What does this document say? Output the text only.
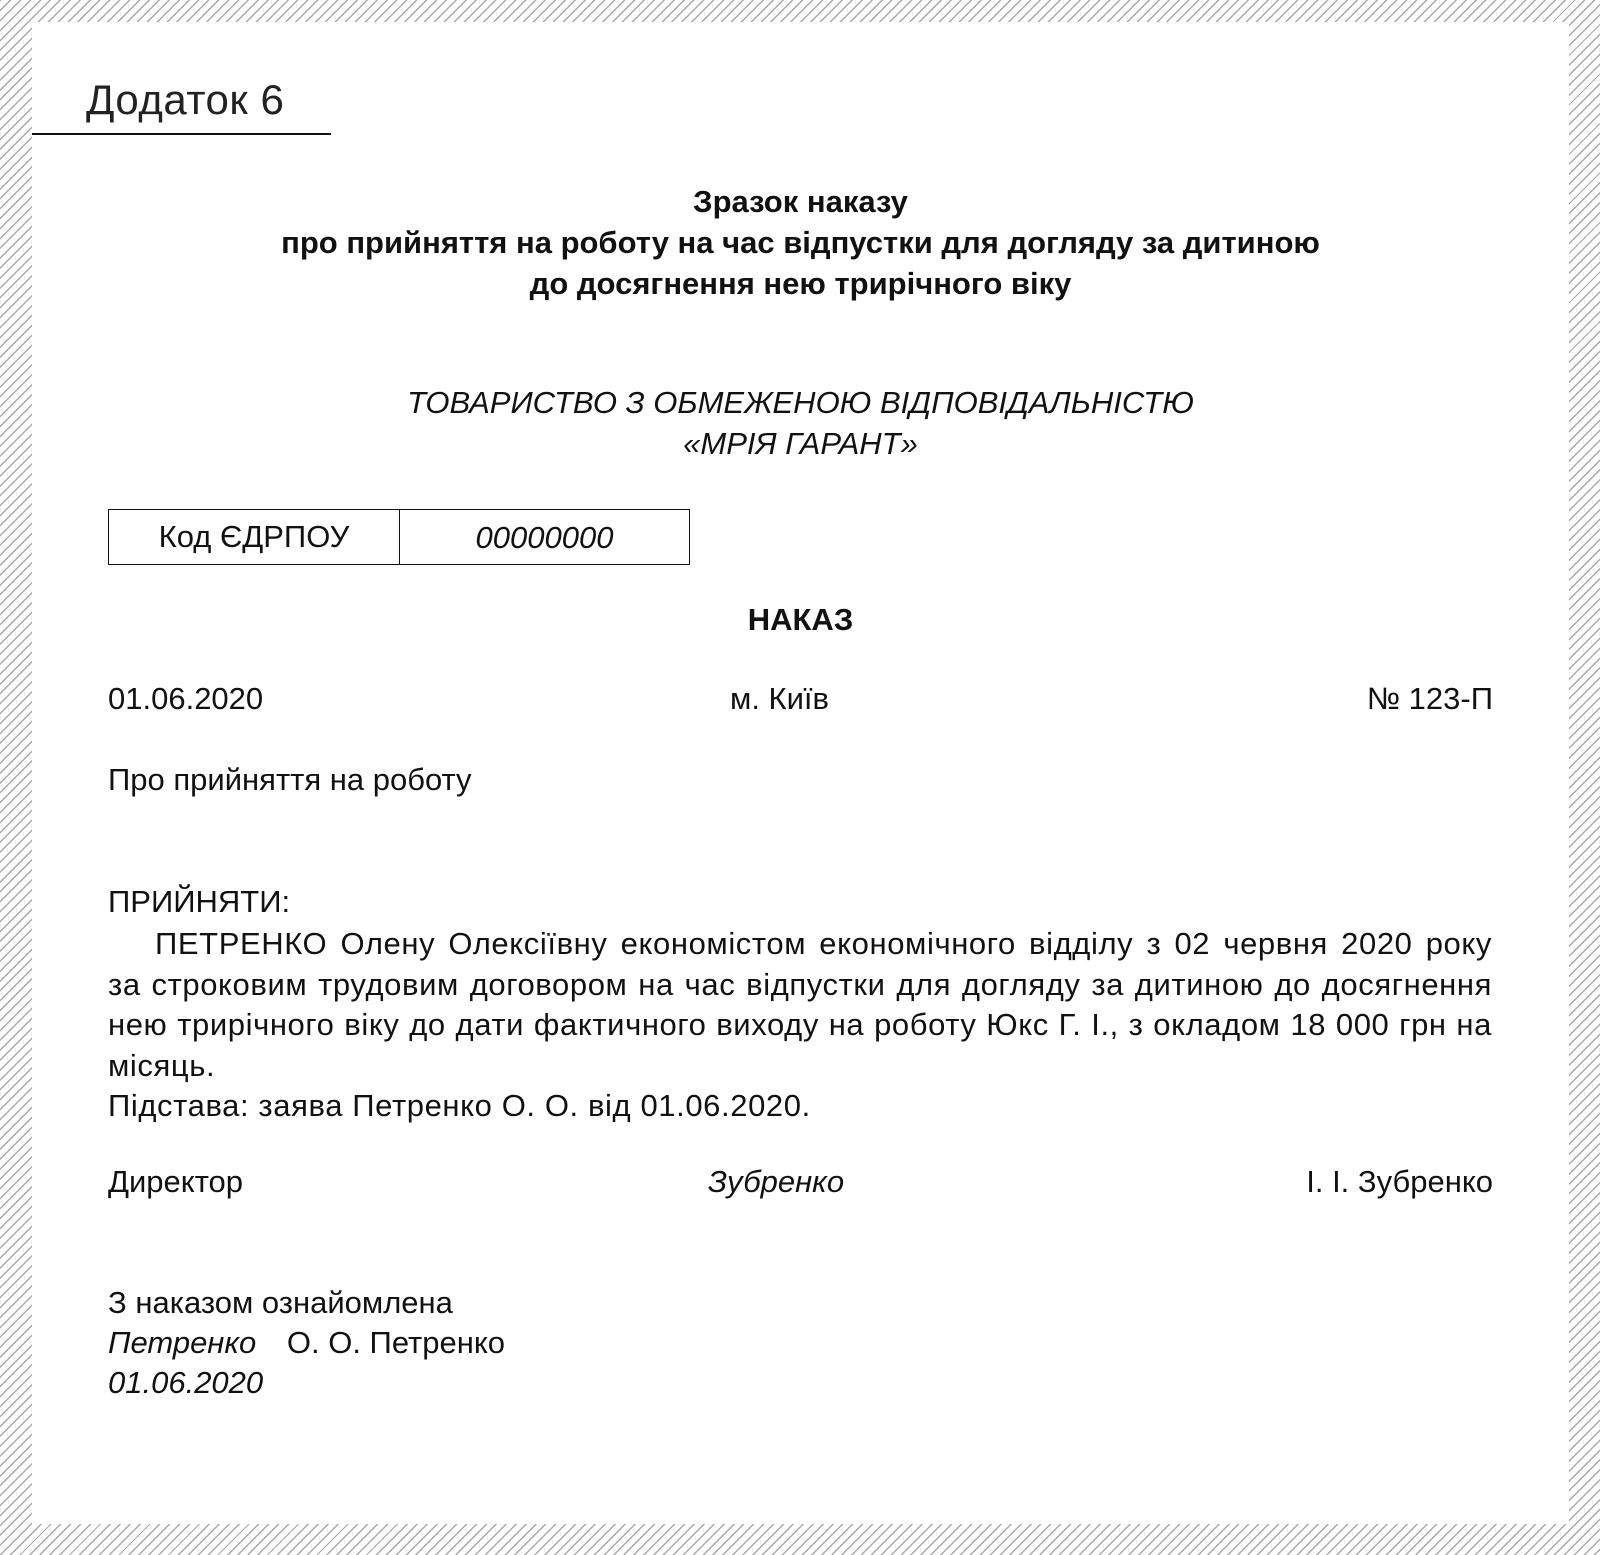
Додаток 6
Зразок наказу
про прийняття на роботу на час відпустки для догляду за дитиною
до досягнення нею трирічного віку
ТОВАРИСТВО З ОБМЕЖЕНОЮ ВІДПОВІДАЛЬНІСТЮ
«МРІЯ ГАРАНТ»
Код ЄДРПОУ	00000000
НАКАЗ
01.06.2020	м. Київ	№ 123-П
Про прийняття на роботу
ПРИЙНЯТИ:
ПЕТРЕНКО Олену Олексіївну економістом економічного відділу з 02 червня 2020 року за строковим трудовим договором на час відпустки для догляду за дитиною до досягнення нею трирічного віку до дати фактичного виходу на роботу Юкс Г. І., з окладом 18 000 грн на місяць.
Підстава: заява Петренко О. О. від 01.06.2020.
Директор	Зубренко	І. І. Зубренко
З наказом ознайомлена
Петренко О. О. Петренко
01.06.2020
